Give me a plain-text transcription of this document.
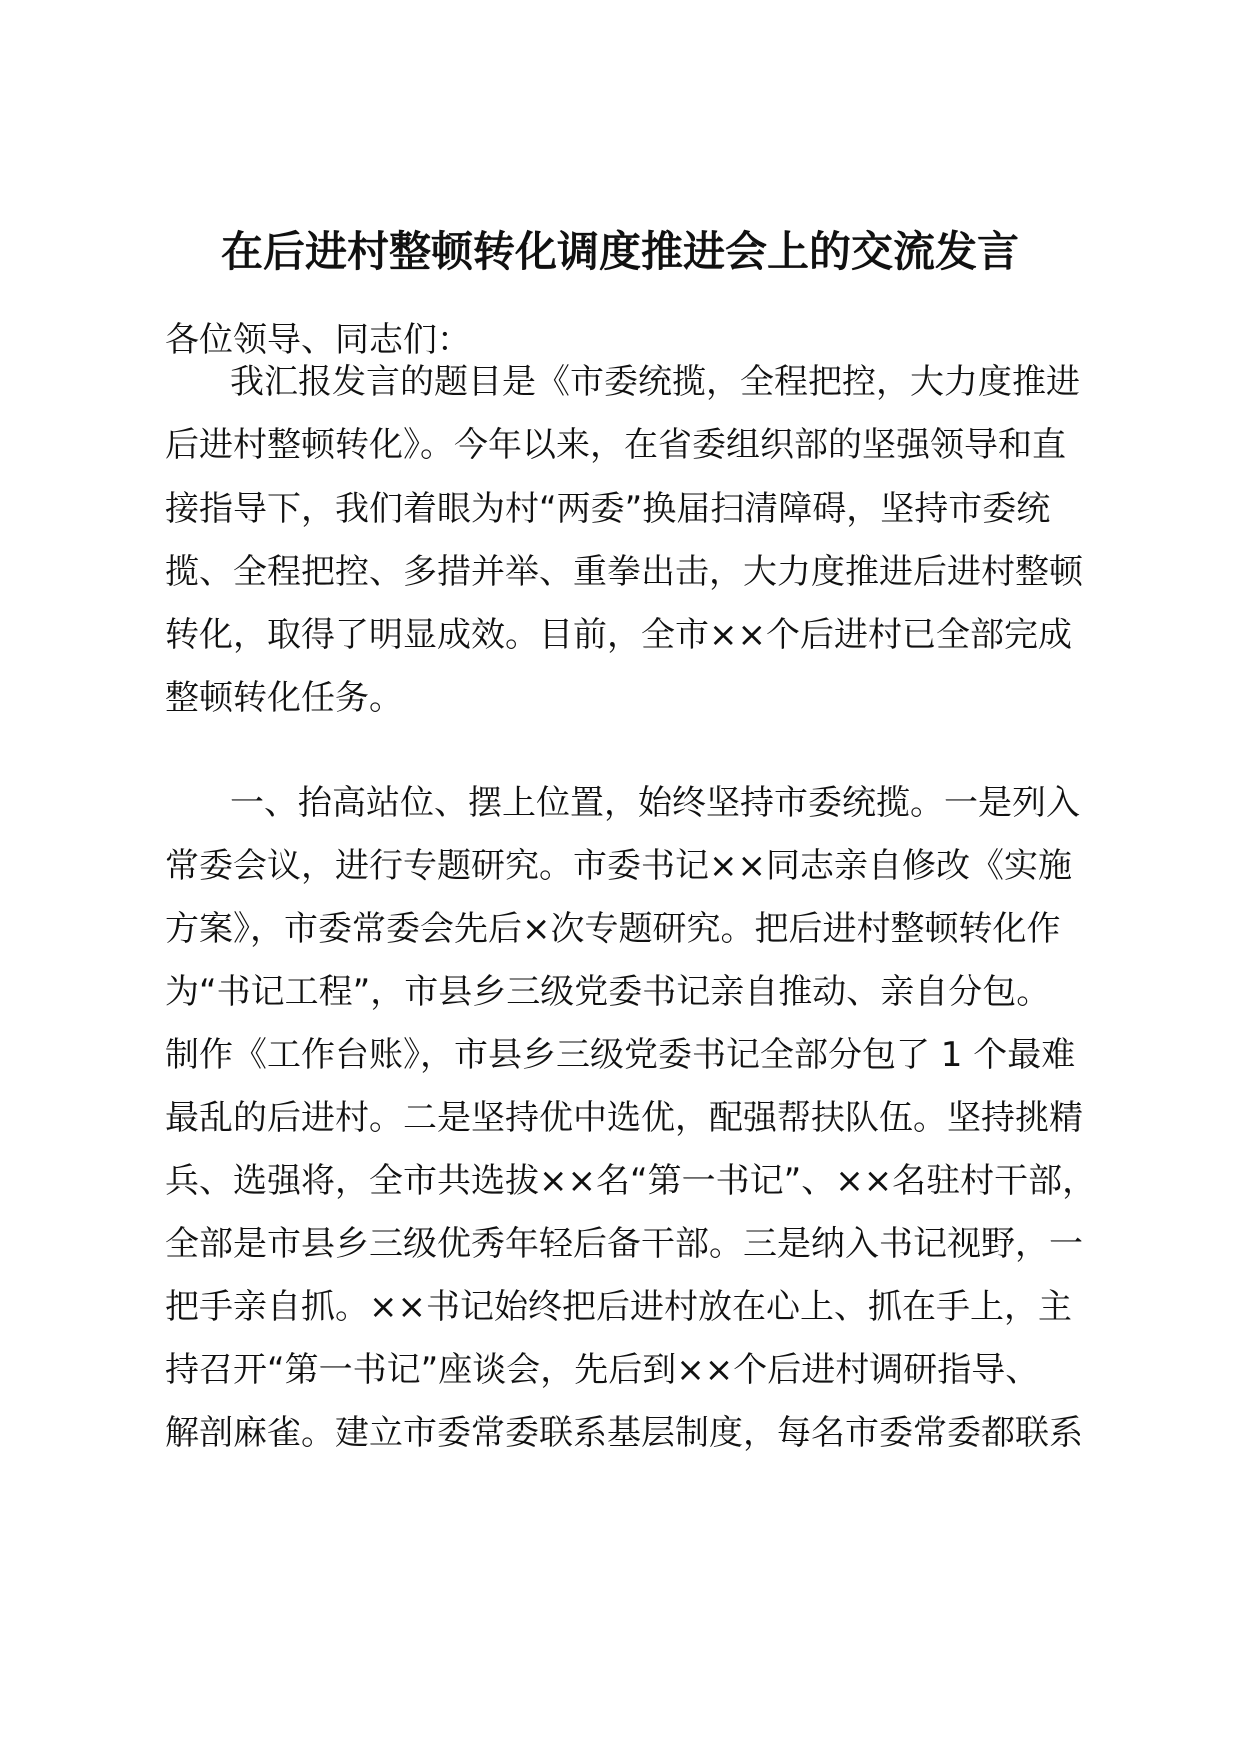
在后进村整顿转化调度推进会上的交流发言
各位领导、同志们：
我汇报发言的题目是《市委统揽，全程把控，大力度推进
后进村整顿转化》。今年以来，在省委组织部的坚强领导和直
接指导下，我们着眼为村“两委”换届扫清障碍，坚持市委统
揽、全程把控、多措并举、重拳出击，大力度推进后进村整顿
转化，取得了明显成效。目前，全市××个后进村已全部完成
整顿转化任务。
一、抬高站位、摆上位置，始终坚持市委统揽。一是列入
常委会议，进行专题研究。市委书记××同志亲自修改《实施
方案》，市委常委会先后×次专题研究。把后进村整顿转化作
为“书记工程”，市县乡三级党委书记亲自推动、亲自分包。
制作《工作台账》，市县乡三级党委书记全部分包了 1 个最难
最乱的后进村。二是坚持优中选优，配强帮扶队伍。坚持挑精
兵、选强将，全市共选拔××名“第一书记”、××名驻村干部，
全部是市县乡三级优秀年轻后备干部。三是纳入书记视野，一
把手亲自抓。××书记始终把后进村放在心上、抓在手上，主
持召开“第一书记”座谈会，先后到××个后进村调研指导、
解剖麻雀。建立市委常委联系基层制度，每名市委常委都联系
